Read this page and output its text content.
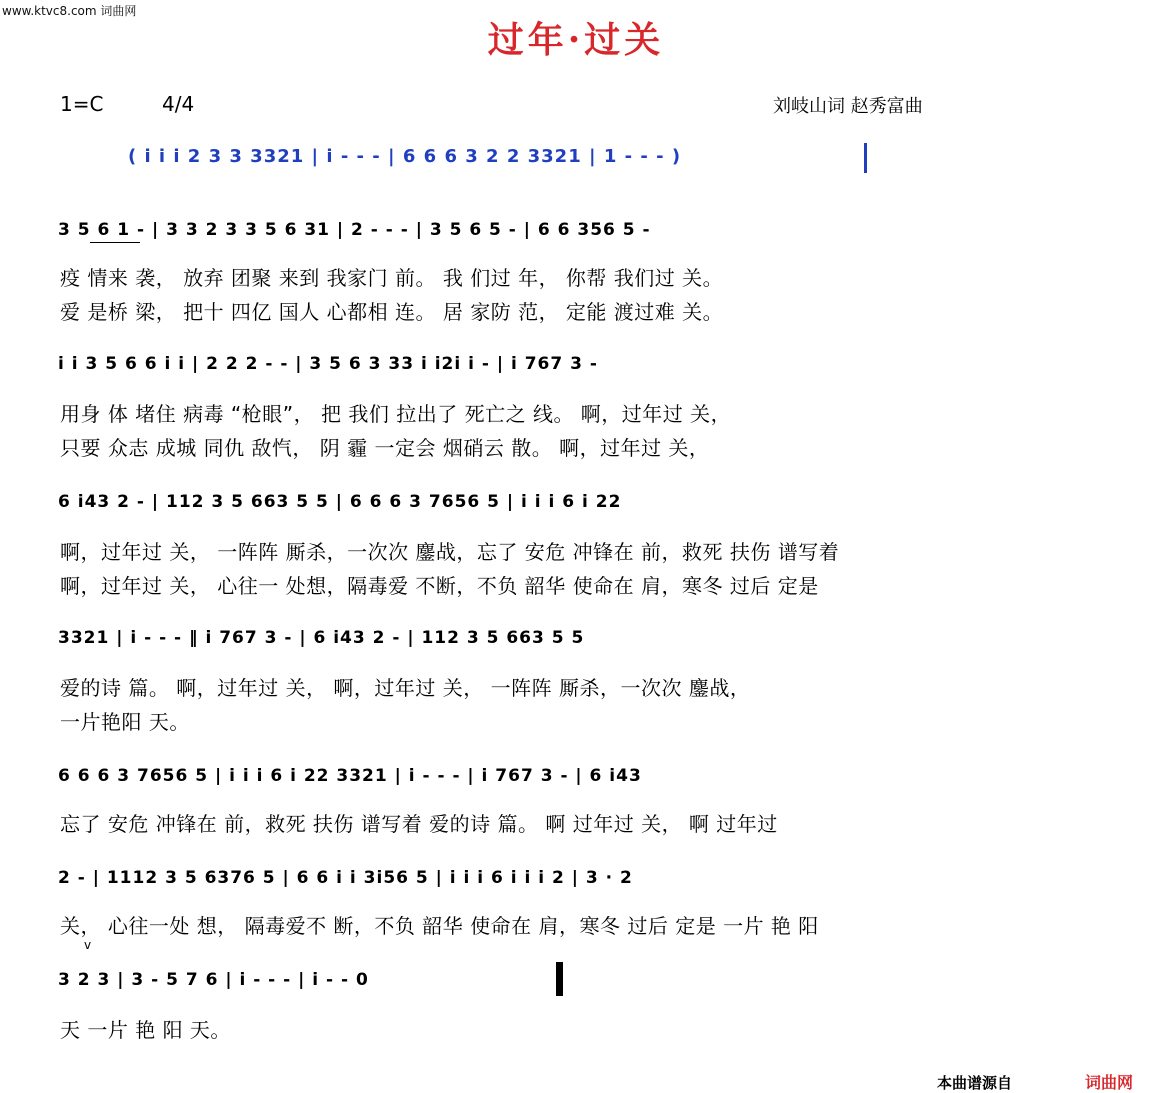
www.ktvc8.com 词曲网
过年·过关
1=C	4/4	刘岐山词 赵秀富曲
( i i i 2 3 3 3321 | i - - - | 6 6 6 3 2 2 3321 | 1 - - - )
3 5 6 1 - | 3 3 2 3 3 5 6 31 | 2 - - - | 3 5 6 5 - | 6 6 356 5 -
疫 情来 袭， 放弃 团聚 来到 我家门 前。 我 们过 年， 你帮 我们过 关。
爱 是桥 梁， 把十 四亿 国人 心都相 连。 居 家防 范， 定能 渡过难 关。
i i 3 5 6 6 i i | 2 2 2 - - | 3 5 6 3 33 i i2i i - | i 767 3 -
用身 体 堵住 病毒 “枪眼”， 把 我们 拉出了 死亡之 线。 啊，过年过 关，
只要 众志 成城 同仇 敌忾， 阴 霾 一定会 烟硝云 散。 啊，过年过 关，
6 i43 2 - | 112 3 5 663 5 5 | 6 6 6 3 7656 5 | i i i 6 i 22
啊，过年过 关， 一阵阵 厮杀，一次次 鏖战，忘了 安危 冲锋在 前，救死 扶伤 谱写着
啊，过年过 关， 心往一 处想，隔毒爱 不断，不负 韶华 使命在 肩，寒冬 过后 定是
3321 | i - - - ‖ i 767 3 - | 6 i43 2 - | 112 3 5 663 5 5
爱的诗 篇。 啊，过年过 关， 啊，过年过 关， 一阵阵 厮杀，一次次 鏖战，
一片艳阳 天。
6 6 6 3 7656 5 | i i i 6 i 22 3321 | i - - - | i 767 3 - | 6 i43
忘了 安危 冲锋在 前，救死 扶伤 谱写着 爱的诗 篇。 啊 过年过 关， 啊 过年过
2 - | 1112 3 5 6376 5 | 6 6 i i 3i56 5 | i i i 6 i i i 2 | 3 · 2
关， 心往一处 想， 隔毒爱不 断，不负 韶华 使命在 肩，寒冬 过后 定是 一片 艳 阳
v
3 2 3 | 3 - 5 7 6 | i - - - | i - - 0
天 一片 艳 阳 天。
本曲谱源自	词曲网
